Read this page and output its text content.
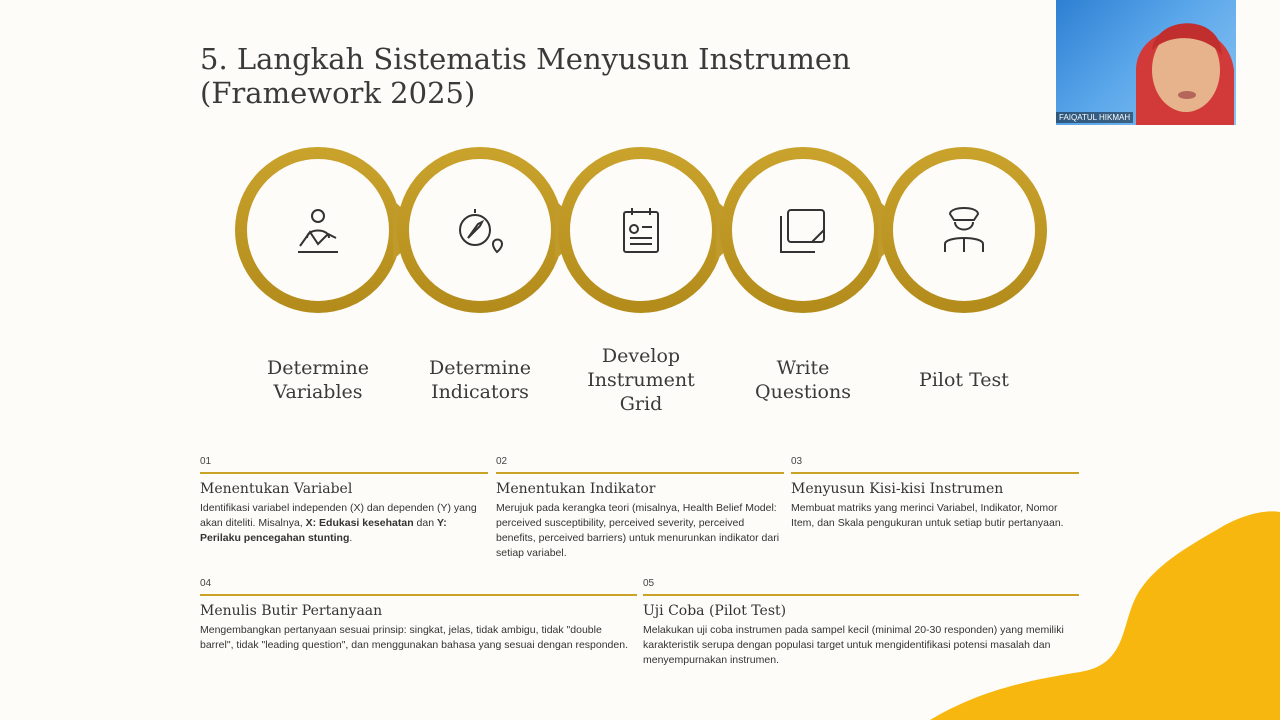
5. Langkah Sistematis Menyusun Instrumen (Framework 2025)
Determine Variables
Determine Indicators
Develop Instrument Grid
Write Questions
Pilot Test
01
Menentukan Variabel
Identifikasi variabel independen (X) dan dependen (Y) yang akan diteliti. Misalnya, X: Edukasi kesehatan dan Y: Perilaku pencegahan stunting.
02
Menentukan Indikator
Merujuk pada kerangka teori (misalnya, Health Belief Model: perceived susceptibility, perceived severity, perceived benefits, perceived barriers) untuk menurunkan indikator dari setiap variabel.
03
Menyusun Kisi-kisi Instrumen
Membuat matriks yang merinci Variabel, Indikator, Nomor Item, dan Skala pengukuran untuk setiap butir pertanyaan.
04
Menulis Butir Pertanyaan
Mengembangkan pertanyaan sesuai prinsip: singkat, jelas, tidak ambigu, tidak "double barrel", tidak "leading question", dan menggunakan bahasa yang sesuai dengan responden.
05
Uji Coba (Pilot Test)
Melakukan uji coba instrumen pada sampel kecil (minimal 20-30 responden) yang memiliki karakteristik serupa dengan populasi target untuk mengidentifikasi potensi masalah dan menyempurnakan instrumen.
FAIQATUL HIKMAH
